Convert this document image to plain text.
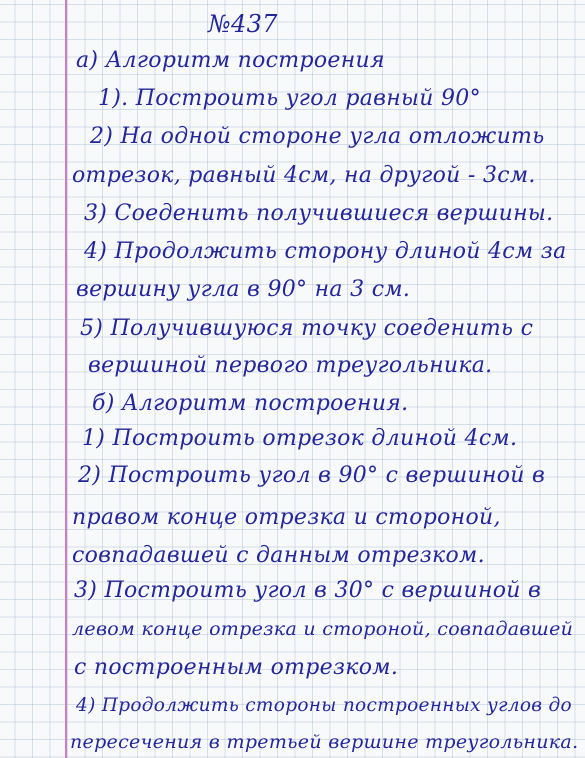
№437
а) Алгоритм построения
1). Построить угол равный 90°
2) На одной стороне угла отложить
отрезок, равный 4см, на другой - 3см.
3) Соеденить получившиеся вершины.
4) Продолжить сторону длиной 4см за
вершину угла в 90° на 3 см.
5) Получившуюся точку соеденить с
вершиной первого треугольника.
б) Алгоритм построения.
1) Построить отрезок длиной 4см.
2) Построить угол в 90° с вершиной в
правом конце отрезка и стороной,
совпадавшей с данным отрезком.
3) Построить угол в 30° с вершиной в
левом конце отрезка и стороной, совпадавшей
с построенным отрезком.
4) Продолжить стороны построенных углов до
пересечения в третьей вершине треугольника.
